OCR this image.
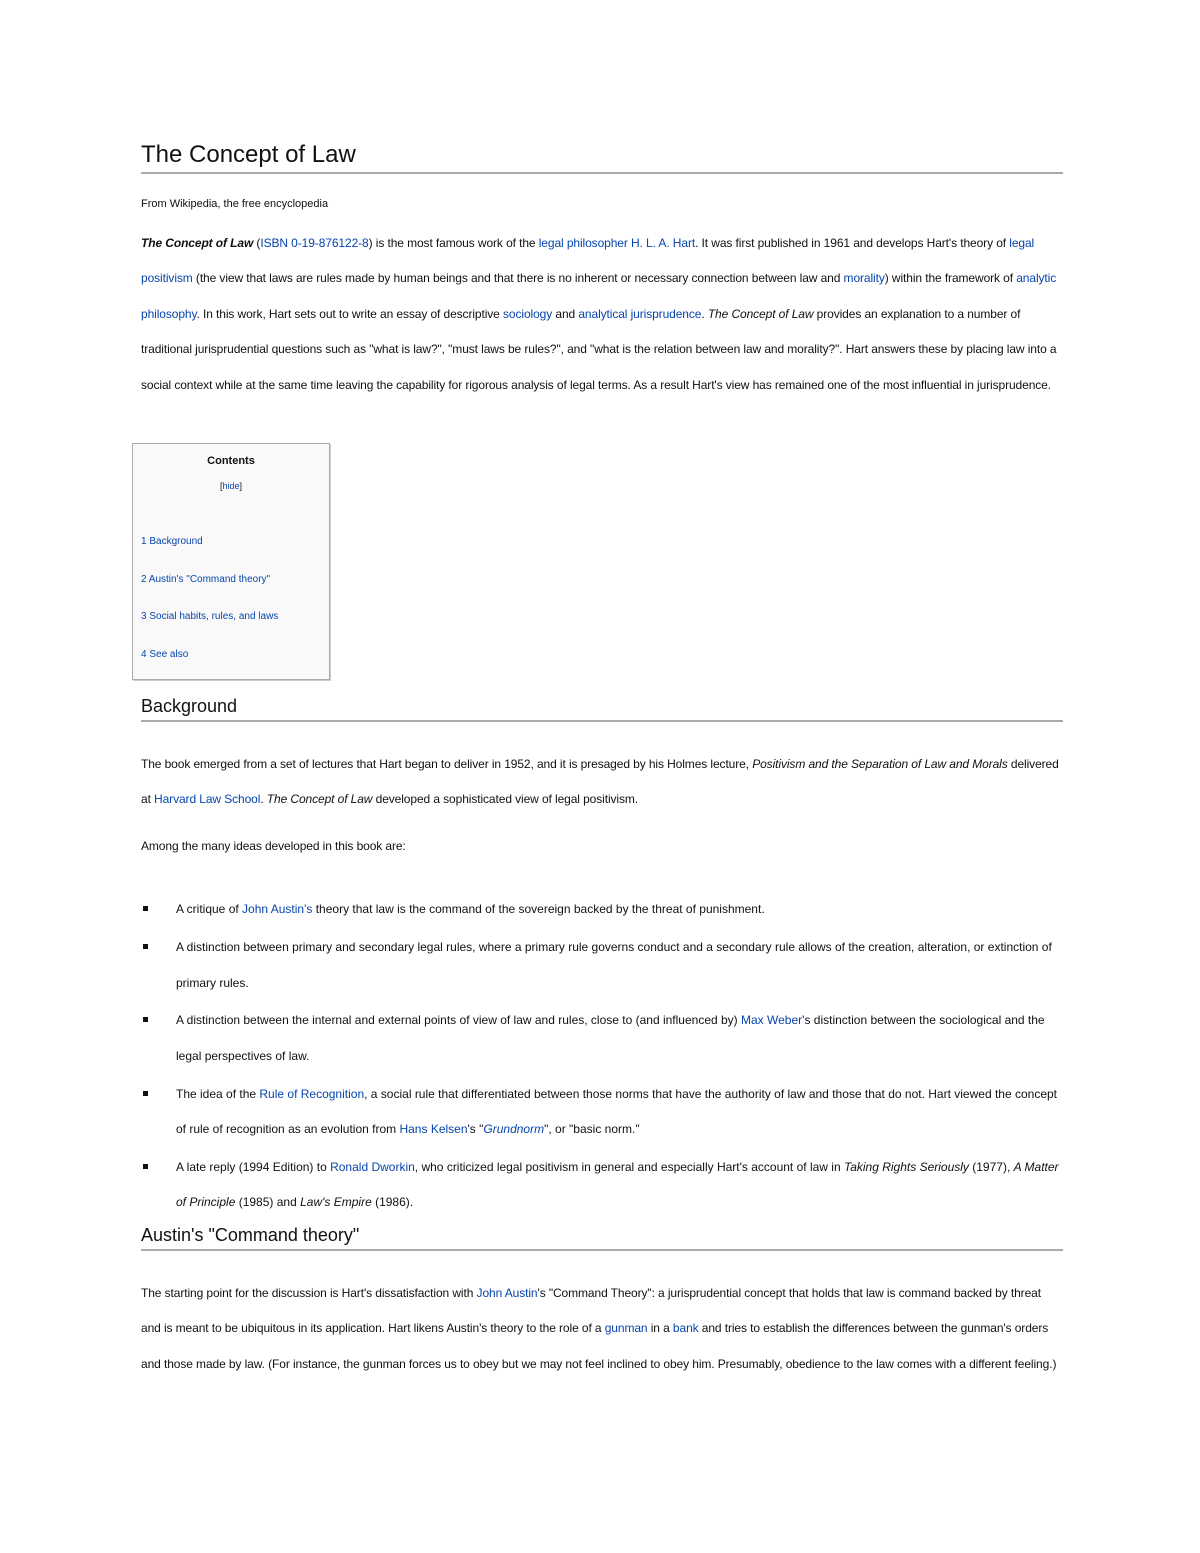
The Concept of Law
From Wikipedia, the free encyclopedia

The Concept of Law (ISBN 0-19-876122-8) is the most famous work of the legal philosopher H. L. A. Hart. It was first published in 1961 and develops Hart's theory of legal positivism (the view that laws are rules made by human beings and that there is no inherent or necessary connection between law and morality) within the framework of analytic philosophy. In this work, Hart sets out to write an essay of descriptive sociology and analytical jurisprudence. The Concept of Law provides an explanation to a number of traditional jurisprudential questions such as "what is law?", "must laws be rules?", and "what is the relation between law and morality?". Hart answers these by placing law into a social context while at the same time leaving the capability for rigorous analysis of legal terms. As a result Hart's view has remained one of the most influential in jurisprudence.

Contents
[hide]
1 Background
2 Austin's "Command theory"
3 Social habits, rules, and laws
4 See also
Background

The book emerged from a set of lectures that Hart began to deliver in 1952, and it is presaged by his Holmes lecture, Positivism and the Separation of Law and Morals delivered at Harvard Law School. The Concept of Law developed a sophisticated view of legal positivism.

Among the many ideas developed in this book are:

A critique of John Austin's theory that law is the command of the sovereign backed by the threat of punishment.
A distinction between primary and secondary legal rules, where a primary rule governs conduct and a secondary rule allows of the creation, alteration, or extinction of primary rules.
A distinction between the internal and external points of view of law and rules, close to (and influenced by) Max Weber's distinction between the sociological and the legal perspectives of law.
The idea of the Rule of Recognition, a social rule that differentiated between those norms that have the authority of law and those that do not. Hart viewed the concept of rule of recognition as an evolution from Hans Kelsen's "Grundnorm", or "basic norm."
A late reply (1994 Edition) to Ronald Dworkin, who criticized legal positivism in general and especially Hart's account of law in Taking Rights Seriously (1977), A Matter of Principle (1985) and Law's Empire (1986).
Austin's "Command theory"

The starting point for the discussion is Hart's dissatisfaction with John Austin's "Command Theory": a jurisprudential concept that holds that law is command backed by threat and is meant to be ubiquitous in its application. Hart likens Austin's theory to the role of a gunman in a bank and tries to establish the differences between the gunman's orders and those made by law. (For instance, the gunman forces us to obey but we may not feel inclined to obey him. Presumably, obedience to the law comes with a different feeling.)
